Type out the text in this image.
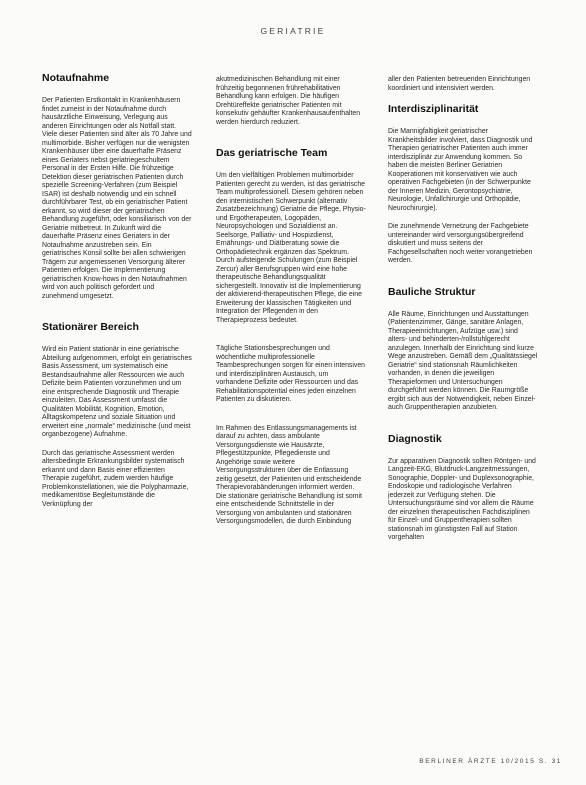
GERIATRIE
Notaufnahme

Der Patienten Erstkontakt in Krankenhäusern findet zumeist in der Notaufnahme durch hausärztliche Einweisung, Verlegung aus anderen Einrichtungen oder als Notfall statt. Viele dieser Patienten sind älter als 70 Jahre und multimorbide. Bisher verfügen nur die wenigsten Krankenhäuser über eine dauerhafte Präsenz eines Geriaters nebst geriatriegeschultem Personal in der Ersten Hilfe. Die frühzeitige Detektion dieser geriatrischen Patienten durch spezielle Screening-Verfahren (zum Beispiel ISAR) ist deshalb notwendig und ein schnell durchführbarer Test, ob ein geriatrischer Patient erkannt, so wird dieser der geriatrischen Behandlung zugeführt, oder konsiliarisch von der Geriatrie mitbetreut. In Zukunft wird die dauerhafte Präsenz eines Geriaters in der Notaufnahme anzustreben sein. Ein geriatrisches Konsil sollte bei allen schwierigen Trägern zur angemessenen Versorgung älterer Patienten erfolgen. Die Implementierung geriatrischen Know-hows in den Notaufnahmen wird von auch politisch gefordert und zunehmend umgesetzt.

Stationärer Bereich

Wird ein Patient stationär in eine geriatrische Abteilung aufgenommen, erfolgt ein geriatrisches Basis Assessment, um systematisch eine Bestandsaufnahme aller Ressourcen wie auch Defizite beim Patienten vorzunehmen und um eine entsprechende Diagnostik und Therapie einzuleiten. Das Assessment umfasst die Qualitäten Mobilität, Kognition, Emotion, Alltagskompetenz und soziale Situation und erweitert eine „normale“ medizinische (und meist organbezogene) Aufnahme.

Durch das geriatrische Assessment werden altersbedingte Erkrankungsbilder systematisch erkannt und dann Basis einer effizienten Therapie zugeführt, zudem werden häufige Problemkonstellationen, wie die Polypharmazie, medikamentöse Begleitumstände die Verknüpfung der

akutmedizinischen Behandlung mit einer frühzeitig begonnenen frührehabilitativen Behandlung kann erfolgen. Die häufigen Drehtüreffekte geriatrischer Patienten mit konsekutiv gehäufter Krankenhausaufenthalten werden hierdurch reduziert.

Das geriatrische Team

Um den vielfältigen Problemen multimorbider Patienten gerecht zu werden, ist das geriatrische Team multiprofessionell. Diesem gehören neben den internistischen Schwerpunkt (alternativ Zusatzbezeichnung) Geriatrie die Pflege, Physio- und Ergotherapeuten, Logopäden, Neuropsychologen und Sozialdienst an. Seelsorge, Palliativ- und Hospizdienst, Ernährungs- und Diätberatung sowie die Orthopädietechnik ergänzen das Spektrum. Durch aufsteigende Schulungen (zum Beispiel Zercur) aller Berufsgruppen wird eine hohe therapeutische Behandlungsqualität sichergestellt. Innovativ ist die Implementierung der aktivierend-therapeutischen Pflege, die eine Erweiterung der klassischen Tätigkeiten und Integration der Pflegenden in den Therapieprozess bedeutet.

Tägliche Stationsbesprechungen und wöchentliche multiprofessionelle Teambesprechungen sorgen für einen intensiven und interdisziplinären Austausch, um vorhandene Defizite oder Ressourcen und das Rehabilitationspotential eines jeden einzelnen Patienten zu diskutieren.

Im Rahmen des Entlassungsmanagements ist darauf zu achten, dass ambulante Versorgungsdienste wie Hausärzte, Pflegestützpunkte, Pflegedienste und Angehörige sowie weitere Versorgungsstrukturen über die Entlassung zeitig gesetzt, der Patienten und entscheidende Therapievorabänderungen informiert werden. Die stationäre geriatrische Behandlung ist somit eine entscheidende Schnittstelle in der Versorgung von ambulanten und stationären Versorgungsmodellen, die durch Einbindung

aller den Patienten betreuenden Einrichtungen koordiniert und intensiviert werden.

Interdisziplinarität

Die Mannigfaltigkeit geriatrischer Krankheitsbilder involviert, dass Diagnostik und Therapien geriatrischer Patienten auch immer interdisziplinär zur Anwendung kommen. So haben die meisten Berliner Geriatrien Kooperationen mit konservativen wie auch operativen Fachgebieten (in der Schwerpunkte der Inneren Medizin, Gerontopsychiatrie, Neurologie, Unfallchirurgie und Orthopädie, Neurochirurgie).

Die zunehmende Vernetzung der Fachgebiete untereinander wird versorgungsübergreifend diskutiert und muss seitens der Fachgesellschaften noch weiter vorangetrieben werden.

Bauliche Struktur

Alle Räume, Einrichtungen und Ausstattungen (Patientenzimmer, Gänge, sanitäre Anlagen, Therapieeinrichtungen, Aufzüge usw.) sind alters- und behinderten-/rollstuhlgerecht anzulegen. Innerhalb der Einrichtung sind kurze Wege anzustreben. Gemäß dem „Qualitätssiegel Geriatrie“ sind stationsnah Räumlichkeiten vorhanden, in denen die jeweiligen Therapieformen und Untersuchungen durchgeführt werden können. Die Raumgröße ergibt sich aus der Notwendigkeit, neben Einzel- auch Gruppentherapien anzubieten.

Diagnostik

Zur apparativen Diagnostik sollten Röntgen- und Langzeit-EKG, Blutdruck-Langzeitmessungen, Sonographie, Doppler- und Duplexsonographie, Endoskopie und radiologische Verfahren jederzeit zur Verfügung stehen. Die Untersuchungsräume sind vor allem die Räume der einzelnen therapeutischen Fachdisziplinen für Einzel- und Gruppentherapien sollten stationsnah im günstigsten Fall auf Station vorgehalten

BERLINER ÄRZTE 10/2015 S. 31
